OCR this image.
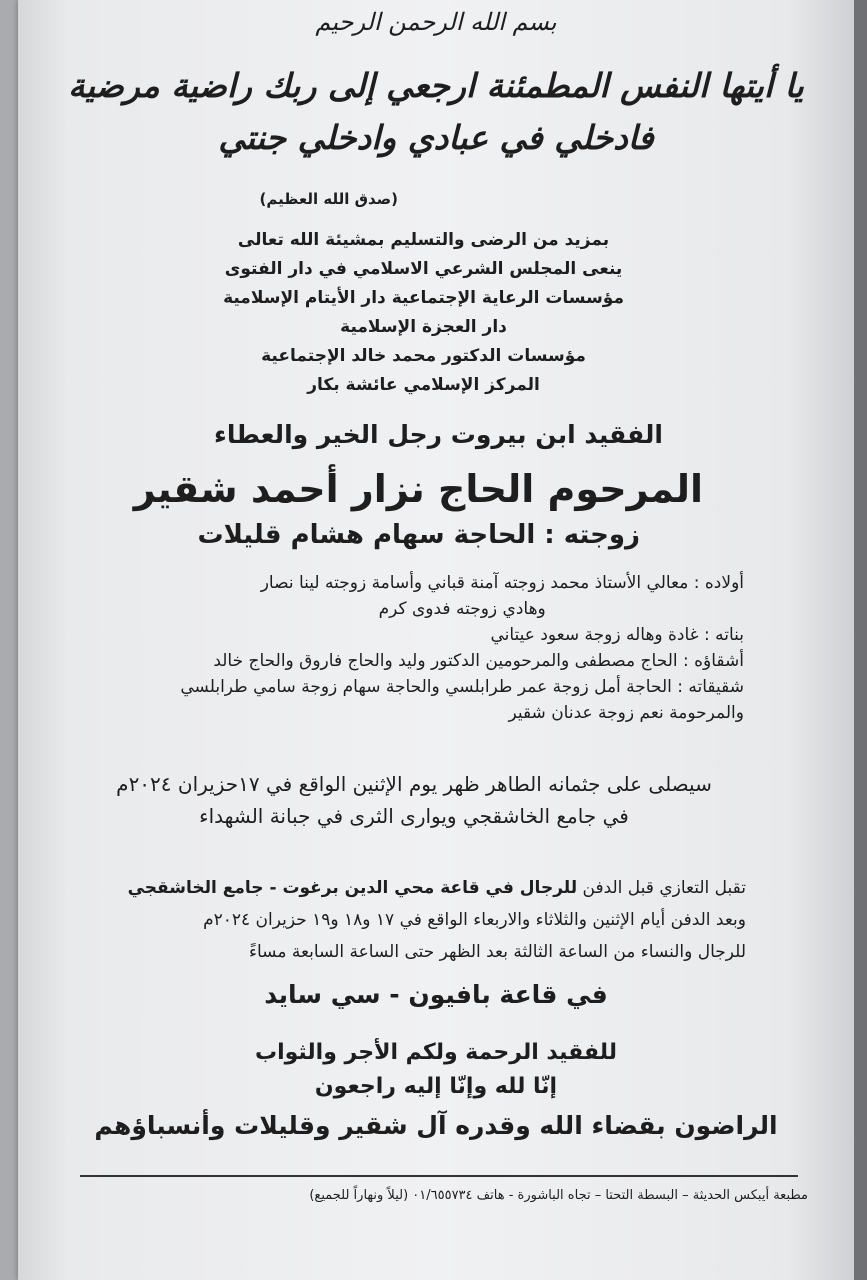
بسم الله الرحمن الرحيم

يا أيتها النفس المطمئنة ارجعي إلى ربك راضية مرضية

فادخلي في عبادي وادخلي جنتي

(صدق الله العظيم)

بمزيد من الرضى والتسليم بمشيئة الله تعالى

ينعى المجلس الشرعي الاسلامي في دار الفتوى

مؤسسات الرعاية الإجتماعية دار الأيتام الإسلامية

دار العجزة الإسلامية

مؤسسات الدكتور محمد خالد الإجتماعية

المركز الإسلامي عائشة بكار

الفقيد ابن بيروت رجل الخير والعطاء

المرحوم الحاج نزار أحمد شقير

زوجته : الحاجة سهام هشام قليلات

أولاده : معالي الأستاذ محمد زوجته آمنة قباني وأسامة زوجته لينا نصار

وهادي زوجته فدوى كرم

بناته : غادة وهاله زوجة سعود عيتاني

أشقاؤه : الحاج مصطفى والمرحومين الدكتور وليد والحاج فاروق والحاج خالد

شقيقاته : الحاجة أمل زوجة عمر طرابلسي والحاجة سهام زوجة سامي طرابلسي

والمرحومة نعم زوجة عدنان شقير

سيصلى على جثمانه الطاهر ظهر يوم الإثنين الواقع في ١٧حزيران ٢٠٢٤م

في جامع الخاشقجي ويوارى الثرى في جبانة الشهداء

تقبل التعازي قبل الدفن للرجال في قاعة محي الدين برغوت - جامع الخاشقجي

وبعد الدفن أيام الإثنين والثلاثاء والاربعاء الواقع في ١٧ و١٨ و١٩ حزيران ٢٠٢٤م

للرجال والنساء من الساعة الثالثة بعد الظهر حتى الساعة السابعة مساءً

في قاعة بافيون - سي سايد

للفقيد الرحمة ولكم الأجر والثواب

إنّا لله وإنّا إليه راجعون

الراضون بقضاء الله وقدره آل شقير وقليلات وأنسباؤهم

مطبعة أيبكس الحديثة – البسطة التحتا – تجاه الباشورة - هاتف ٠١/٦٥٥٧٣٤ (ليلاً ونهاراً للجميع)
